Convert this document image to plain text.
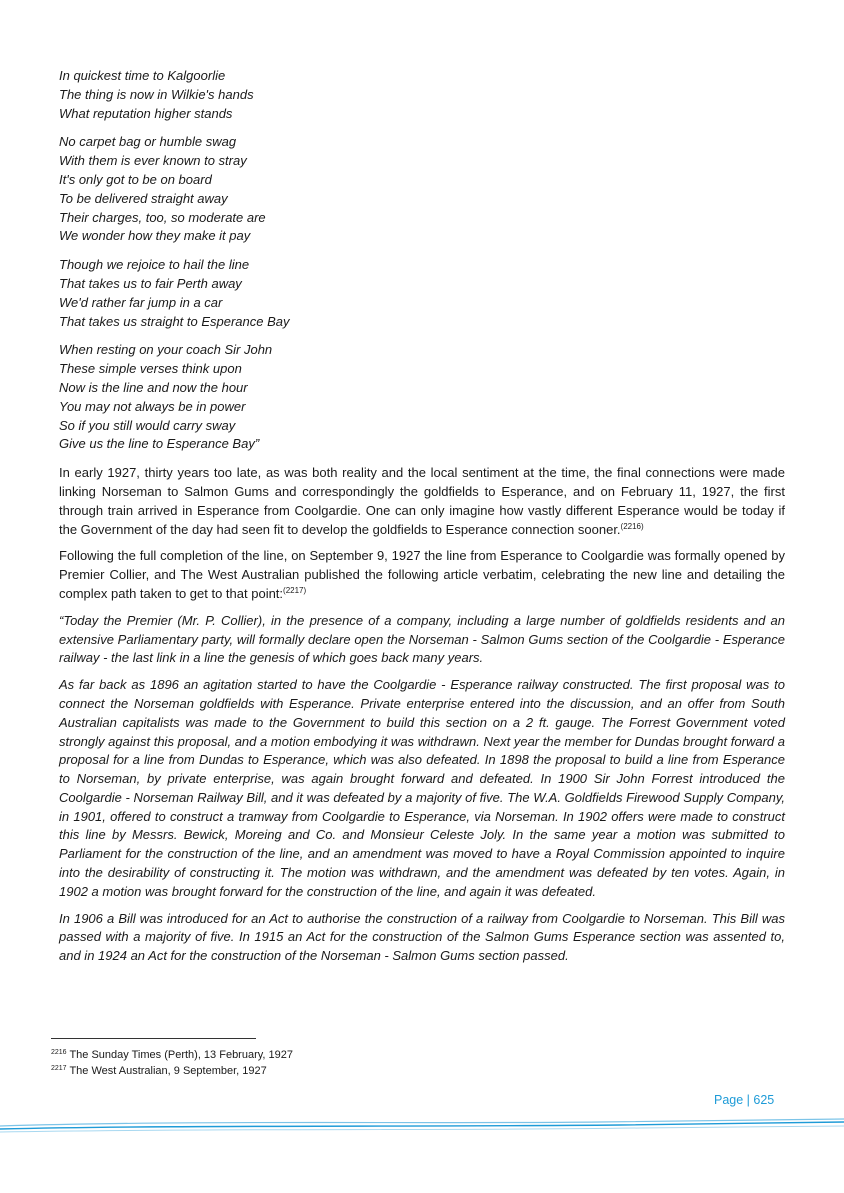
In quickest time to Kalgoorlie
The thing is now in Wilkie's hands
What reputation higher stands
No carpet bag or humble swag
With them is ever known to stray
It's only got to be on board
To be delivered straight away
Their charges, too, so moderate are
We wonder how they make it pay
Though we rejoice to hail the line
That takes us to fair Perth away
We'd rather far jump in a car
That takes us straight to Esperance Bay
When resting on your coach Sir John
These simple verses think upon
Now is the line and now the hour
You may not always be in power
So if you still would carry sway
Give us the line to Esperance Bay”

In early 1927, thirty years too late, as was both reality and the local sentiment at the time, the final connections were made linking Norseman to Salmon Gums and correspondingly the goldfields to Esperance, and on February 11, 1927, the first through train arrived in Esperance from Coolgardie. One can only imagine how vastly different Esperance would be today if the Government of the day had seen fit to develop the goldfields to Esperance connection sooner.$^{(2216)}$

Following the full completion of the line, on September 9, 1927 the line from Esperance to Coolgardie was formally opened by Premier Collier, and The West Australian published the following article verbatim, celebrating the new line and detailing the complex path taken to get to that point:$^{(2217)}$

“Today the Premier (Mr. P. Collier), in the presence of a company, including a large number of goldfields residents and an extensive Parliamentary party, will formally declare open the Norseman - Salmon Gums section of the Coolgardie - Esperance railway - the last link in a line the genesis of which goes back many years.

As far back as 1896 an agitation started to have the Coolgardie - Esperance railway constructed. The first proposal was to connect the Norseman goldfields with Esperance. Private enterprise entered into the discussion, and an offer from South Australian capitalists was made to the Government to build this section on a 2 ft. gauge. The Forrest Government voted strongly against this proposal, and a motion embodying it was withdrawn. Next year the member for Dundas brought forward a proposal for a line from Dundas to Esperance, which was also defeated. In 1898 the proposal to build a line from Esperance to Norseman, by private enterprise, was again brought forward and defeated. In 1900 Sir John Forrest introduced the Coolgardie - Norseman Railway Bill, and it was defeated by a majority of five. The W.A. Goldfields Firewood Supply Company, in 1901, offered to construct a tramway from Coolgardie to Esperance, via Norseman. In 1902 offers were made to construct this line by Messrs. Bewick, Moreing and Co. and Monsieur Celeste Joly. In the same year a motion was submitted to Parliament for the construction of the line, and an amendment was moved to have a Royal Commission appointed to inquire into the desirability of constructing it. The motion was withdrawn, and the amendment was defeated by ten votes. Again, in 1902 a motion was brought forward for the construction of the line, and again it was defeated.

In 1906 a Bill was introduced for an Act to authorise the construction of a railway from Coolgardie to Norseman. This Bill was passed with a majority of five. In 1915 an Act for the construction of the Salmon Gums Esperance section was assented to, and in 1924 an Act for the construction of the Norseman - Salmon Gums section passed.

$^{2216}$ The Sunday Times (Perth), 13 February, 1927
$^{2217}$ The West Australian, 9 September, 1927
Page | 625
